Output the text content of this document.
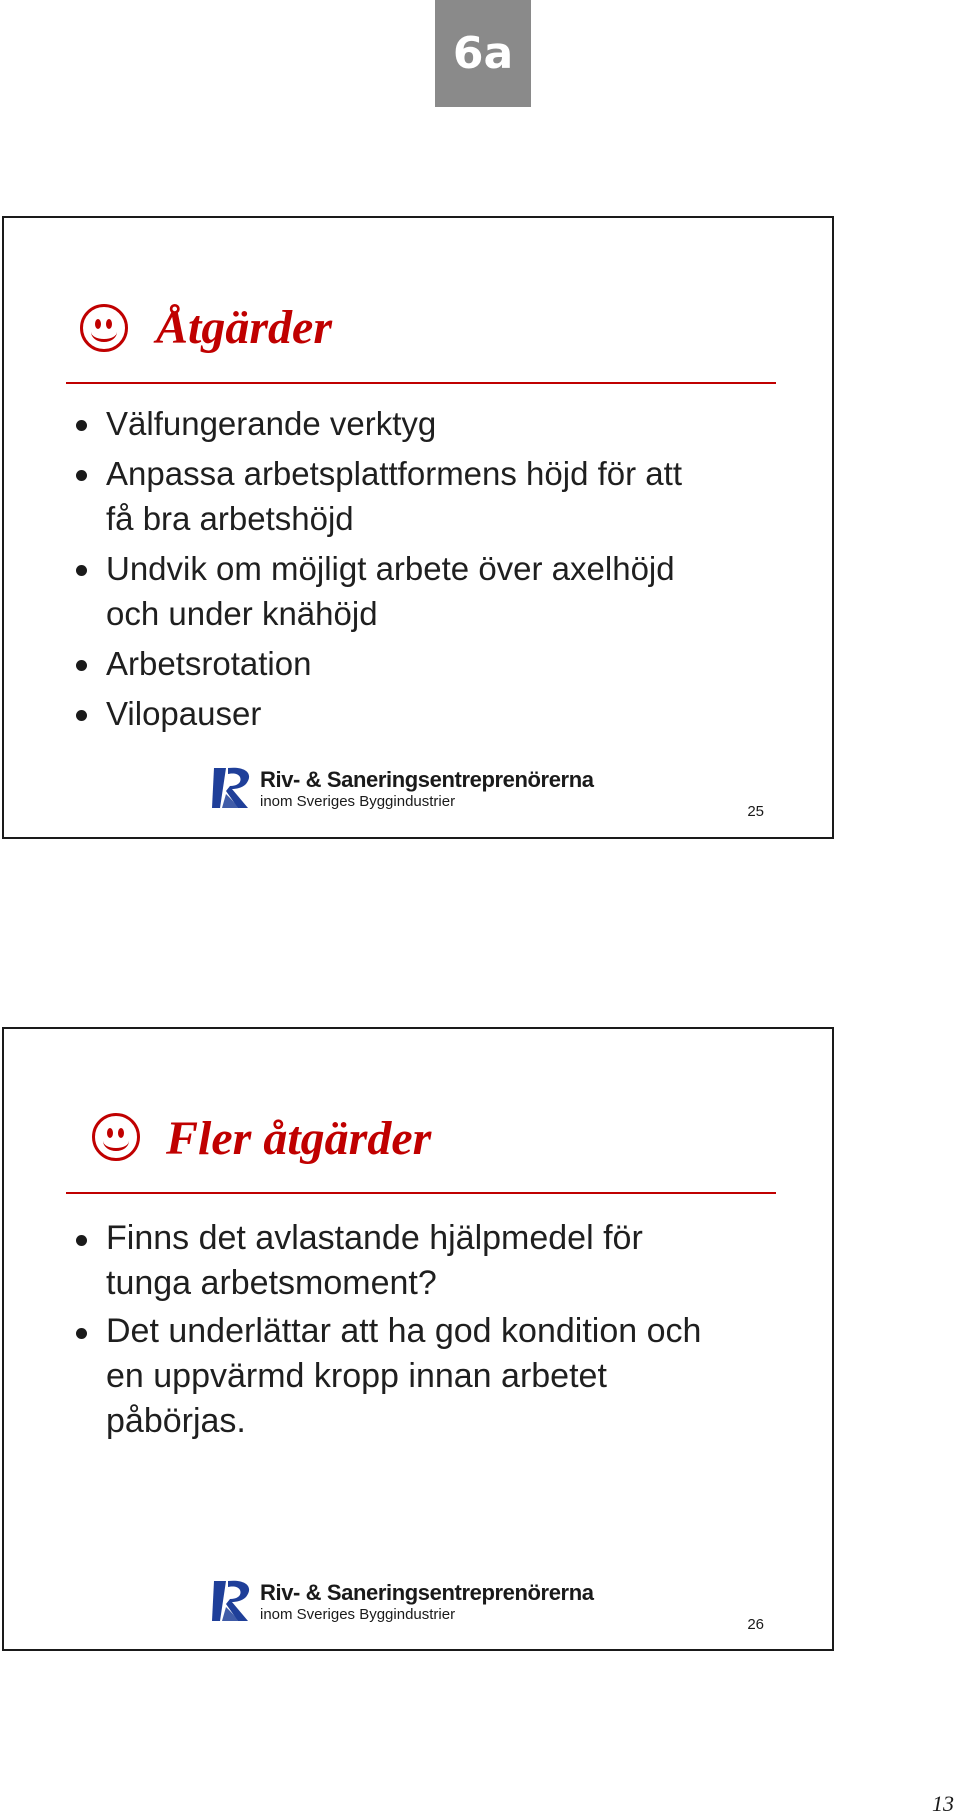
6a
Åtgärder
Välfungerande verktyg
Anpassa arbetsplattformens höjd för att
få bra arbetshöjd
Undvik om möjligt arbete över axelhöjd
och under knähöjd
Arbetsrotation
Vilopauser
Riv- & Saneringsentreprenörerna
inom Sveriges Byggindustrier
25
Fler åtgärder
Finns det avlastande hjälpmedel för
tunga arbetsmoment?
Det underlättar att ha god kondition och
en uppvärmd kropp innan arbetet
påbörjas.
Riv- & Saneringsentreprenörerna
inom Sveriges Byggindustrier
26
13
